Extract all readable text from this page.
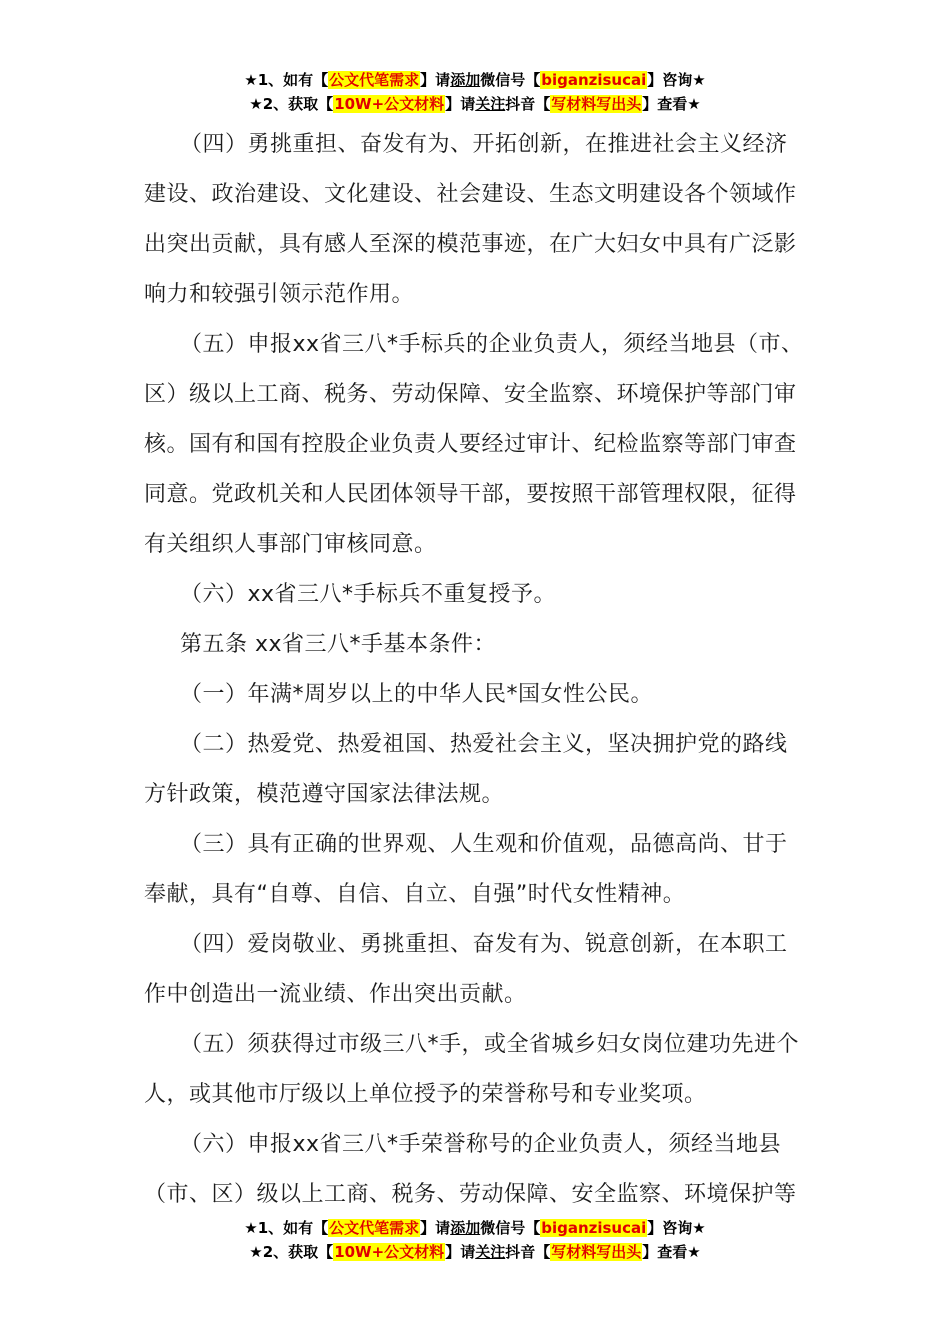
★1、如有【公文代笔需求】请添加微信号【biganzisucai】咨询★
★2、获取【10W+公文材料】请关注抖音【写材料写出头】查看★

（四）勇挑重担、奋发有为、开拓创新，在推进社会主义经济建设、政治建设、文化建设、社会建设、生态文明建设各个领域作出突出贡献，具有感人至深的模范事迹，在广大妇女中具有广泛影响力和较强引领示范作用。

（五）申报xx省三八*手标兵的企业负责人，须经当地县（市、区）级以上工商、税务、劳动保障、安全监察、环境保护等部门审核。国有和国有控股企业负责人要经过审计、纪检监察等部门审查同意。党政机关和人民团体领导干部，要按照干部管理权限，征得有关组织人事部门审核同意。

（六）xx省三八*手标兵不重复授予。

第五条 xx省三八*手基本条件：

（一）年满*周岁以上的中华人民*国女性公民。

（二）热爱党、热爱祖国、热爱社会主义，坚决拥护党的路线方针政策，模范遵守国家法律法规。

（三）具有正确的世界观、人生观和价值观，品德高尚、甘于奉献，具有“自尊、自信、自立、自强”时代女性精神。

（四）爱岗敬业、勇挑重担、奋发有为、锐意创新，在本职工作中创造出一流业绩、作出突出贡献。

（五）须获得过市级三八*手，或全省城乡妇女岗位建功先进个人，或其他市厅级以上单位授予的荣誉称号和专业奖项。

（六）申报xx省三八*手荣誉称号的企业负责人，须经当地县（市、区）级以上工商、税务、劳动保障、安全监察、环境保护等

★1、如有【公文代笔需求】请添加微信号【biganzisucai】咨询★
★2、获取【10W+公文材料】请关注抖音【写材料写出头】查看★
